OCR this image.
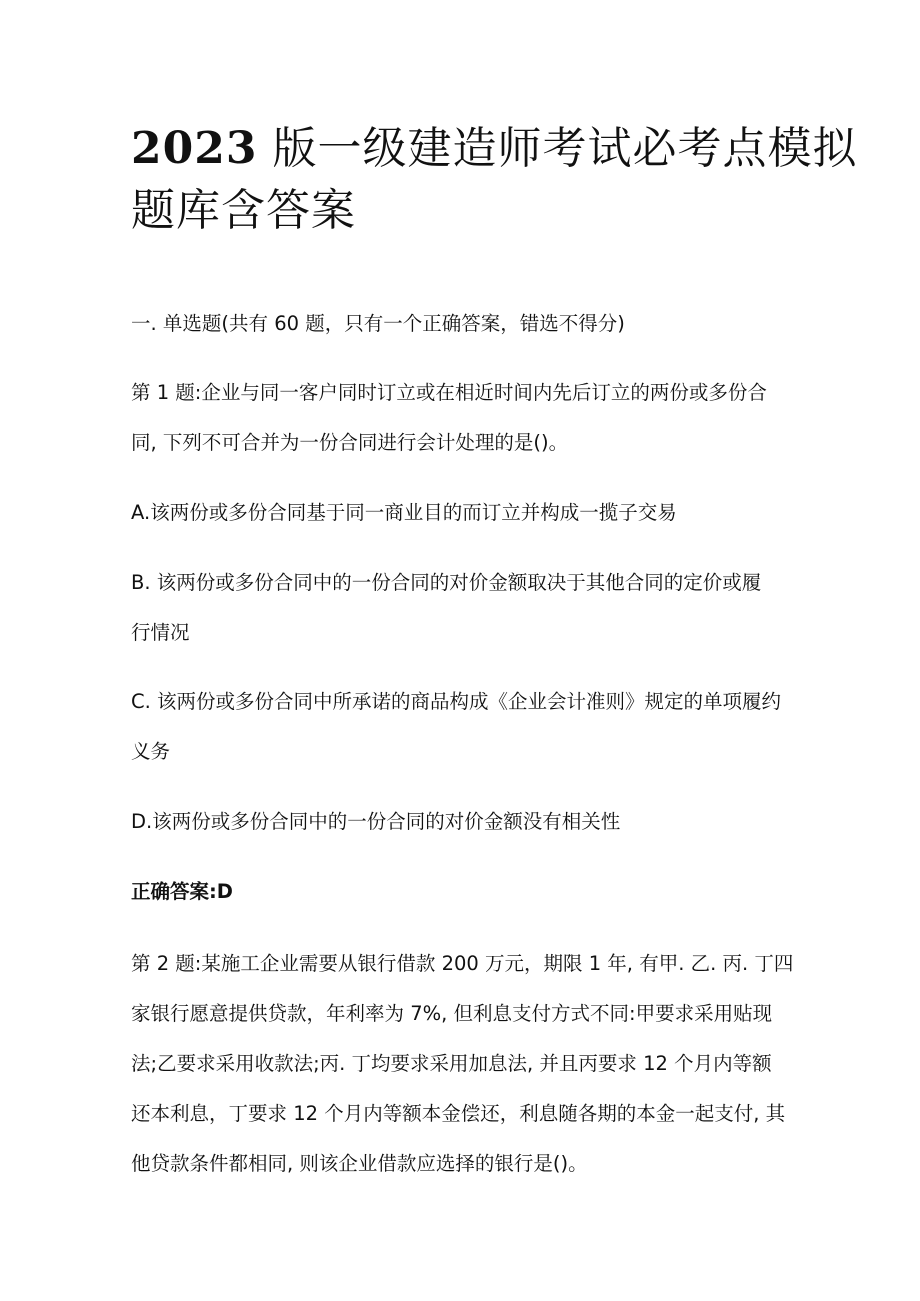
2023 版一级建造师考试必考点模拟
题库含答案

一. 单选题(共有 60 题，只有一个正确答案，错选不得分)

第 1 题:企业与同一客户同时订立或在相近时间内先后订立的两份或多份合
同, 下列不可合并为一份合同进行会计处理的是()。

A.该两份或多份合同基于同一商业目的而订立并构成一揽子交易

B. 该两份或多份合同中的一份合同的对价金额取决于其他合同的定价或履
行情况

C. 该两份或多份合同中所承诺的商品构成《企业会计准则》规定的单项履约
义务

D.该两份或多份合同中的一份合同的对价金额没有相关性

正确答案:D

第 2 题:某施工企业需要从银行借款 200 万元，期限 1 年, 有甲. 乙. 丙. 丁四
家银行愿意提供贷款，年利率为 7%, 但利息支付方式不同:甲要求采用贴现
法;乙要求采用收款法;丙. 丁均要求采用加息法, 并且丙要求 12 个月内等额
还本利息，丁要求 12 个月内等额本金偿还，利息随各期的本金一起支付, 其
他贷款条件都相同, 则该企业借款应选择的银行是()。
